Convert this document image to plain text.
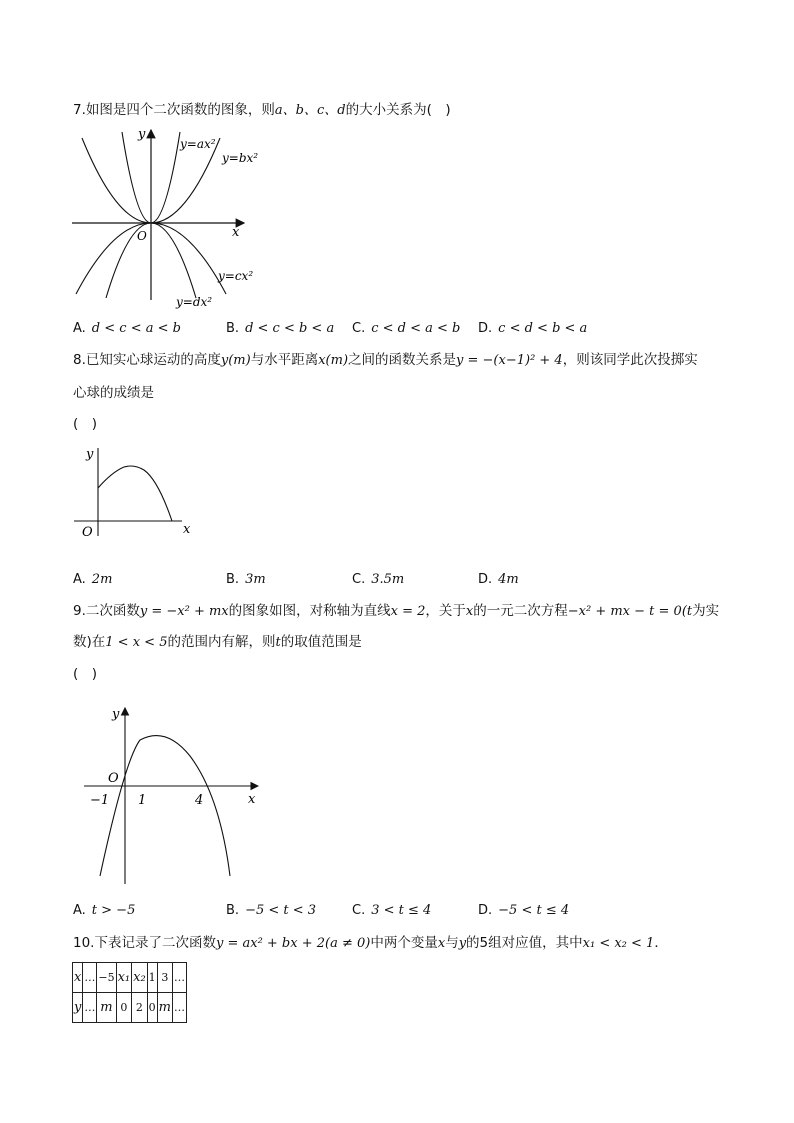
7.如图是四个二次函数的图象，则a、b、c、d的大小关系为(　)
y
x
O
y=ax²
y=bx²
y=cx²
y=dx²
A. d < c < a < b	B. d < c < b < a C. c < d < a < b D. c < d < b < a
8.已知实心球运动的高度y(m)与水平距离x(m)之间的函数关系是y = −(x−1)² + 4，则该同学此次投掷实
心球的成绩是
(　)
y
x
O
A. 2m	B. 3m	C. 3.5m	D. 4m
9.二次函数y = −x² + mx的图象如图，对称轴为直线x = 2，关于x的一元二次方程−x² + mx − t = 0(t为实
数)在1 < x < 5的范围内有解，则t的取值范围是
(　)
y
x
O
−1 1	4
A. t > −5	B. −5 < t < 3	C. 3 < t ≤ 4	D. −5 < t ≤ 4
10.下表记录了二次函数y = ax² + bx + 2(a ≠ 0)中两个变量x与y的5组对应值，其中x₁ < x₂ < 1．
x	…	−5	x₁	x₂	1	3	…
y	…	m	0	2	0	m	…
